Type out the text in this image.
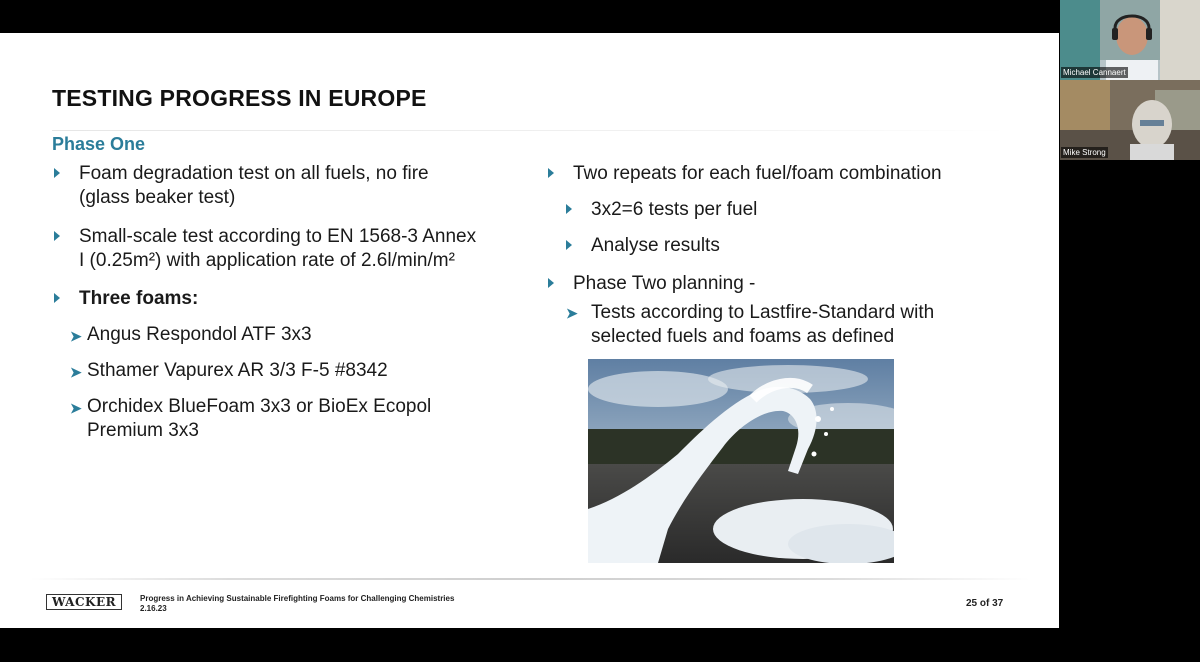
TESTING PROGRESS IN EUROPE
Phase One
Foam degradation test on all fuels, no fire
(glass beaker test)
Small-scale test according to EN 1568-3 Annex
I (0.25m²) with application rate of 2.6l/min/m²
Three foams:
➤ Angus Respondol ATF 3x3
➤ Sthamer Vapurex AR 3/3 F-5 #8342
➤ Orchidex BlueFoam 3x3 or BioEx Ecopol
Premium 3x3
Two repeats for each fuel/foam combination
3x2=6 tests per fuel
Analyse results
Phase Two planning -
➤ Tests according to Lastfire-Standard with
selected fuels and foams as defined
WACKER	Progress in Achieving Sustainable Firefighting Foams for Challenging Chemistries
2.16.23	25 of 37
Michael Cannaert
Mike Strong
